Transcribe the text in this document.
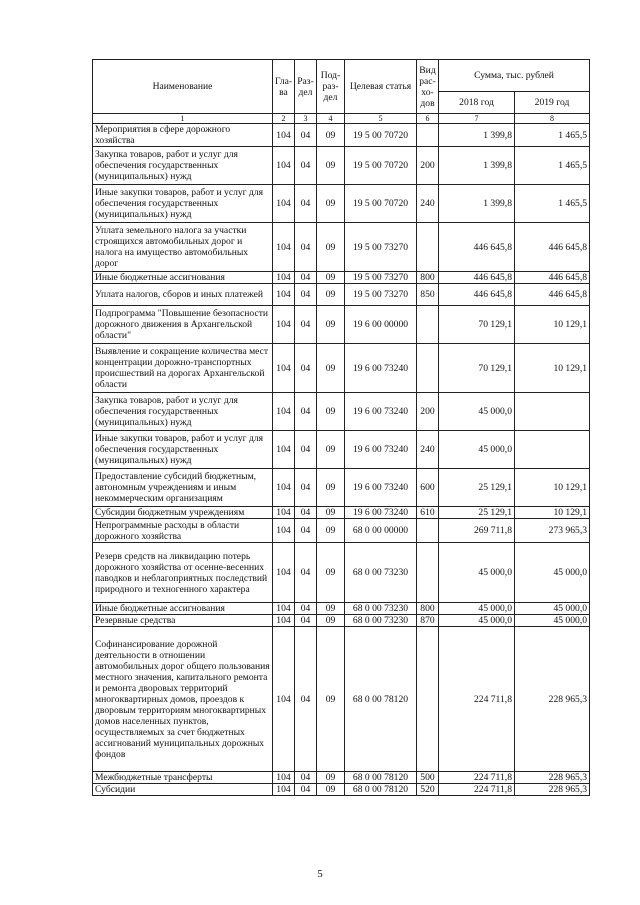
Наименование	Гла-ва	Раз-дел	Под-раз-дел	Целевая статья	Вид рас-хо-дов	Сумма, тыс. рублей	
						2018 год	2019 год
1	2	3	4	5	6	7	8
Мероприятия в сфере дорожного хозяйства	104	04	09	19 5 00 70720		1 399,8	1 465,5
Закупка товаров, работ и услуг для обеспечения государственных (муниципальных) нужд	104	04	09	19 5 00 70720	200	1 399,8	1 465,5
Иные закупки товаров, работ и услуг для обеспечения государственных (муниципальных) нужд	104	04	09	19 5 00 70720	240	1 399,8	1 465,5
Уплата земельного налога за участки строящихся автомобильных дорог и налога на имущество автомобильных дорог	104	04	09	19 5 00 73270		446 645,8	446 645,8
Иные бюджетные ассигнования	104	04	09	19 5 00 73270	800	446 645,8	446 645,8
Уплата налогов, сборов и иных платежей	104	04	09	19 5 00 73270	850	446 645,8	446 645,8
Подпрограмма "Повышение безопасности дорожного движения в Архангельской области"	104	04	09	19 6 00 00000		70 129,1	10 129,1
Выявление и сокращение количества мест концентрации дорожно-транспортных происшествий на дорогах Архангельской области	104	04	09	19 6 00 73240		70 129,1	10 129,1
Закупка товаров, работ и услуг для обеспечения государственных (муниципальных) нужд	104	04	09	19 6 00 73240	200	45 000,0	
Иные закупки товаров, работ и услуг для обеспечения государственных (муниципальных) нужд	104	04	09	19 6 00 73240	240	45 000,0	
Предоставление субсидий бюджетным, автономным учреждениям и иным некоммерческим организациям	104	04	09	19 6 00 73240	600	25 129,1	10 129,1
Субсидии бюджетным учреждениям	104	04	09	19 6 00 73240	610	25 129,1	10 129,1
Непрограммные расходы в области дорожного хозяйства	104	04	09	68 0 00 00000		269 711,8	273 965,3
Резерв средств на ликвидацию потерь дорожного хозяйства от осенне-весенних паводков и неблагоприятных последствий природного и техногенного характера	104	04	09	68 0 00 73230		45 000,0	45 000,0
Иные бюджетные ассигнования	104	04	09	68 0 00 73230	800	45 000,0	45 000,0
Резервные средства	104	04	09	68 0 00 73230	870	45 000,0	45 000,0
Софинансирование дорожной деятельности в отношении автомобильных дорог общего пользования местного значения, капитального ремонта и ремонта дворовых территорий многоквартирных домов, проездов к дворовым территориям многоквартирных домов населенных пунктов, осуществляемых за счет бюджетных ассигнований муниципальных дорожных фондов	104	04	09	68 0 00 78120		224 711,8	228 965,3
Межбюджетные трансферты	104	04	09	68 0 00 78120	500	224 711,8	228 965,3
Субсидии	104	04	09	68 0 00 78120	520	224 711,8	228 965,3
5
